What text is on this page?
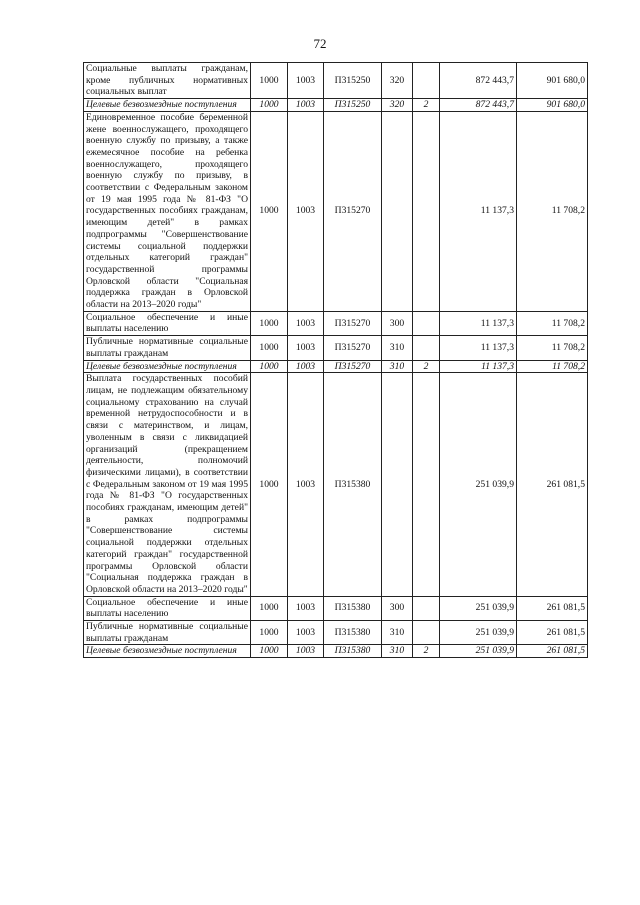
72
Социальные выплаты гражданам, кроме публичных нормативных социальных выплат	1000	1003	П315250	320		872 443,7	901 680,0
Целевые безвозмездные поступления	1000	1003	П315250	320	2	872 443,7	901 680,0
Единовременное пособие беременной жене военнослужащего, проходящего военную службу по призыву, а также ежемесячное пособие на ребенка военнослужащего, проходящего военную службу по призыву, в соответствии с Федеральным законом от 19 мая 1995 года № 81-ФЗ "О государственных пособиях гражданам, имеющим детей" в рамках подпрограммы "Совершенствование системы социальной поддержки отдельных категорий граждан" государственной программы Орловской области "Социальная поддержка граждан в Орловской области на 2013–2020 годы"	1000	1003	П315270			11 137,3	11 708,2
Социальное обеспечение и иные выплаты населению	1000	1003	П315270	300		11 137,3	11 708,2
Публичные нормативные социальные выплаты гражданам	1000	1003	П315270	310		11 137,3	11 708,2
Целевые безвозмездные поступления	1000	1003	П315270	310	2	11 137,3	11 708,2
Выплата государственных пособий лицам, не подлежащим обязательному социальному страхованию на случай временной нетрудоспособности и в связи с материнством, и лицам, уволенным в связи с ликвидацией организаций (прекращением деятельности, полномочий физическими лицами), в соответствии с Федеральным законом от 19 мая 1995 года № 81-ФЗ "О государственных пособиях гражданам, имеющим детей" в рамках подпрограммы "Совершенствование системы социальной поддержки отдельных категорий граждан" государственной программы Орловской области "Социальная поддержка граждан в Орловской области на 2013–2020 годы"	1000	1003	П315380			251 039,9	261 081,5
Социальное обеспечение и иные выплаты населению	1000	1003	П315380	300		251 039,9	261 081,5
Публичные нормативные социальные выплаты гражданам	1000	1003	П315380	310		251 039,9	261 081,5
Целевые безвозмездные поступления	1000	1003	П315380	310	2	251 039,9	261 081,5
